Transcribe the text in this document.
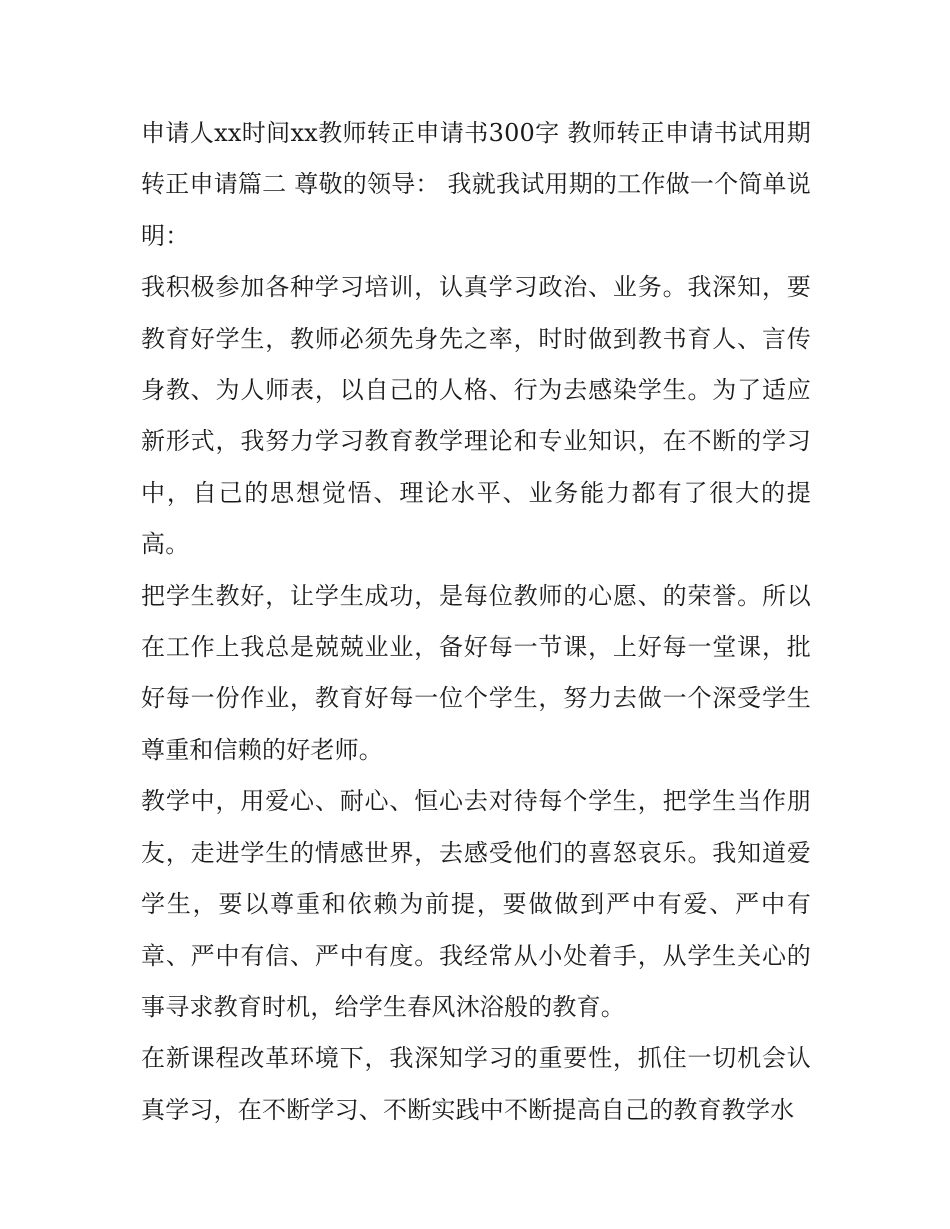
申请人xx时间xx教师转正申请书300字 教师转正申请书试用期转正申请篇二 尊敬的领导： 我就我试用期的工作做一个简单说明：

我积极参加各种学习培训，认真学习政治、业务。我深知，要教育好学生，教师必须先身先之率，时时做到教书育人、言传身教、为人师表，以自己的人格、行为去感染学生。为了适应新形式，我努力学习教育教学理论和专业知识，在不断的学习中，自己的思想觉悟、理论水平、业务能力都有了很大的提高。

把学生教好，让学生成功，是每位教师的心愿、的荣誉。所以在工作上我总是兢兢业业，备好每一节课，上好每一堂课，批好每一份作业，教育好每一位个学生，努力去做一个深受学生尊重和信赖的好老师。

教学中，用爱心、耐心、恒心去对待每个学生，把学生当作朋友，走进学生的情感世界，去感受他们的喜怒哀乐。我知道爱学生，要以尊重和依赖为前提，要做做到严中有爱、严中有章、严中有信、严中有度。我经常从小处着手，从学生关心的事寻求教育时机，给学生春风沐浴般的教育。

在新课程改革环境下，我深知学习的重要性，抓住一切机会认真学习，在不断学习、不断实践中不断提高自己的教育教学水
